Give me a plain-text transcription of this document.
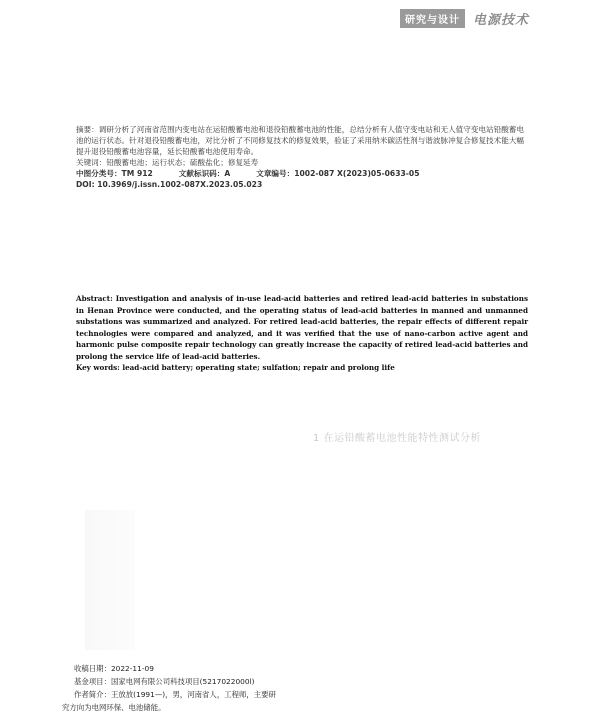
研究与设计	电源技术

摘要：调研分析了河南省范围内变电站在运铅酸蓄电池和退役铅酸蓄电池的性能，总结分析有人值守变电站和无人值守变电站铅酸蓄电池的运行状态。针对退役铅酸蓄电池，对比分析了不同修复技术的修复效果，验证了采用纳米碳活性剂与谐波脉冲复合修复技术能大幅提升退役铅酸蓄电池容量，延长铅酸蓄电池使用寿命。

关键词：铅酸蓄电池；运行状态；硫酸盐化；修复延寿

中图分类号：TM 912	文献标识码：A	文章编号：1002-087 X(2023)05-0633-05

DOI: 10.3969/j.issn.1002-087X.2023.05.023

Abstract: Investigation and analysis of in-use lead-acid batteries and retired lead-acid batteries in substations in Henan Province were conducted, and the operating status of lead-acid batteries in manned and unmanned substations was summarized and analyzed. For retired lead-acid batteries, the repair effects of different repair technologies were compared and analyzed, and it was verified that the use of nano-carbon active agent and harmonic pulse composite repair technology can greatly increase the capacity of retired lead-acid batteries and prolong the service life of lead-acid batteries.

Key words: lead-acid battery; operating state; sulfation; repair and prolong life

1 在运铅酸蓄电池性能特性测试分析

收稿日期：2022-11-09

基金项目：国家电网有限公司科技项目(5217022000l)

作者简介：王放放(1991—)，男，河南省人，工程师，主要研

究方向为电网环保、电池储能。
